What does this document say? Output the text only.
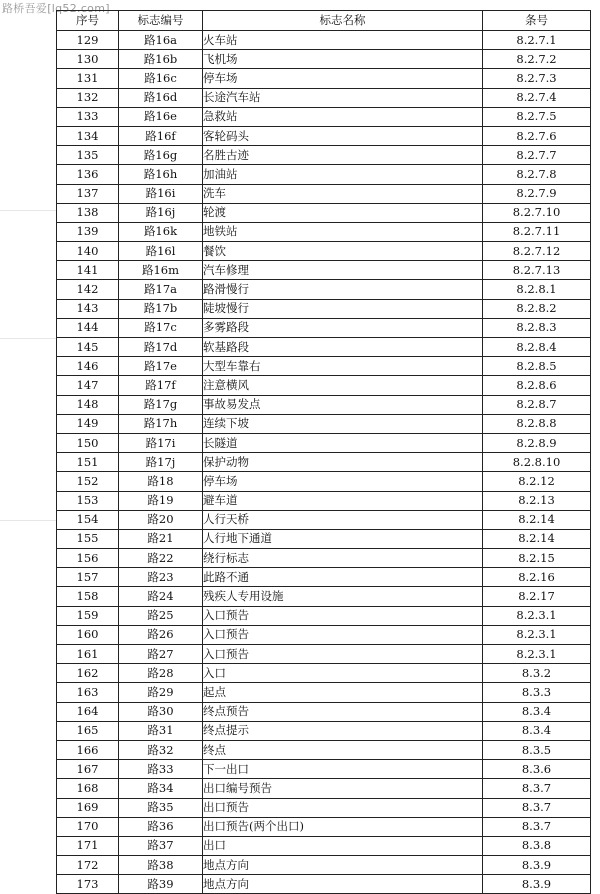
路桥吾爱[lq52.com]
序号	标志编号	标志名称	条号
129	路16a	火车站	8.2.7.1
130	路16b	飞机场	8.2.7.2
131	路16c	停车场	8.2.7.3
132	路16d	长途汽车站	8.2.7.4
133	路16e	急救站	8.2.7.5
134	路16f	客轮码头	8.2.7.6
135	路16g	名胜古迹	8.2.7.7
136	路16h	加油站	8.2.7.8
137	路16i	洗车	8.2.7.9
138	路16j	轮渡	8.2.7.10
139	路16k	地铁站	8.2.7.11
140	路16l	餐饮	8.2.7.12
141	路16m	汽车修理	8.2.7.13
142	路17a	路滑慢行	8.2.8.1
143	路17b	陡坡慢行	8.2.8.2
144	路17c	多雾路段	8.2.8.3
145	路17d	软基路段	8.2.8.4
146	路17e	大型车靠右	8.2.8.5
147	路17f	注意横风	8.2.8.6
148	路17g	事故易发点	8.2.8.7
149	路17h	连续下坡	8.2.8.8
150	路17i	长隧道	8.2.8.9
151	路17j	保护动物	8.2.8.10
152	路18	停车场	8.2.12
153	路19	避车道	8.2.13
154	路20	人行天桥	8.2.14
155	路21	人行地下通道	8.2.14
156	路22	绕行标志	8.2.15
157	路23	此路不通	8.2.16
158	路24	残疾人专用设施	8.2.17
159	路25	入口预告	8.2.3.1
160	路26	入口预告	8.2.3.1
161	路27	入口预告	8.2.3.1
162	路28	入口	8.3.2
163	路29	起点	8.3.3
164	路30	终点预告	8.3.4
165	路31	终点提示	8.3.4
166	路32	终点	8.3.5
167	路33	下一出口	8.3.6
168	路34	出口编号预告	8.3.7
169	路35	出口预告	8.3.7
170	路36	出口预告(两个出口)	8.3.7
171	路37	出口	8.3.8
172	路38	地点方向	8.3.9
173	路39	地点方向	8.3.9
